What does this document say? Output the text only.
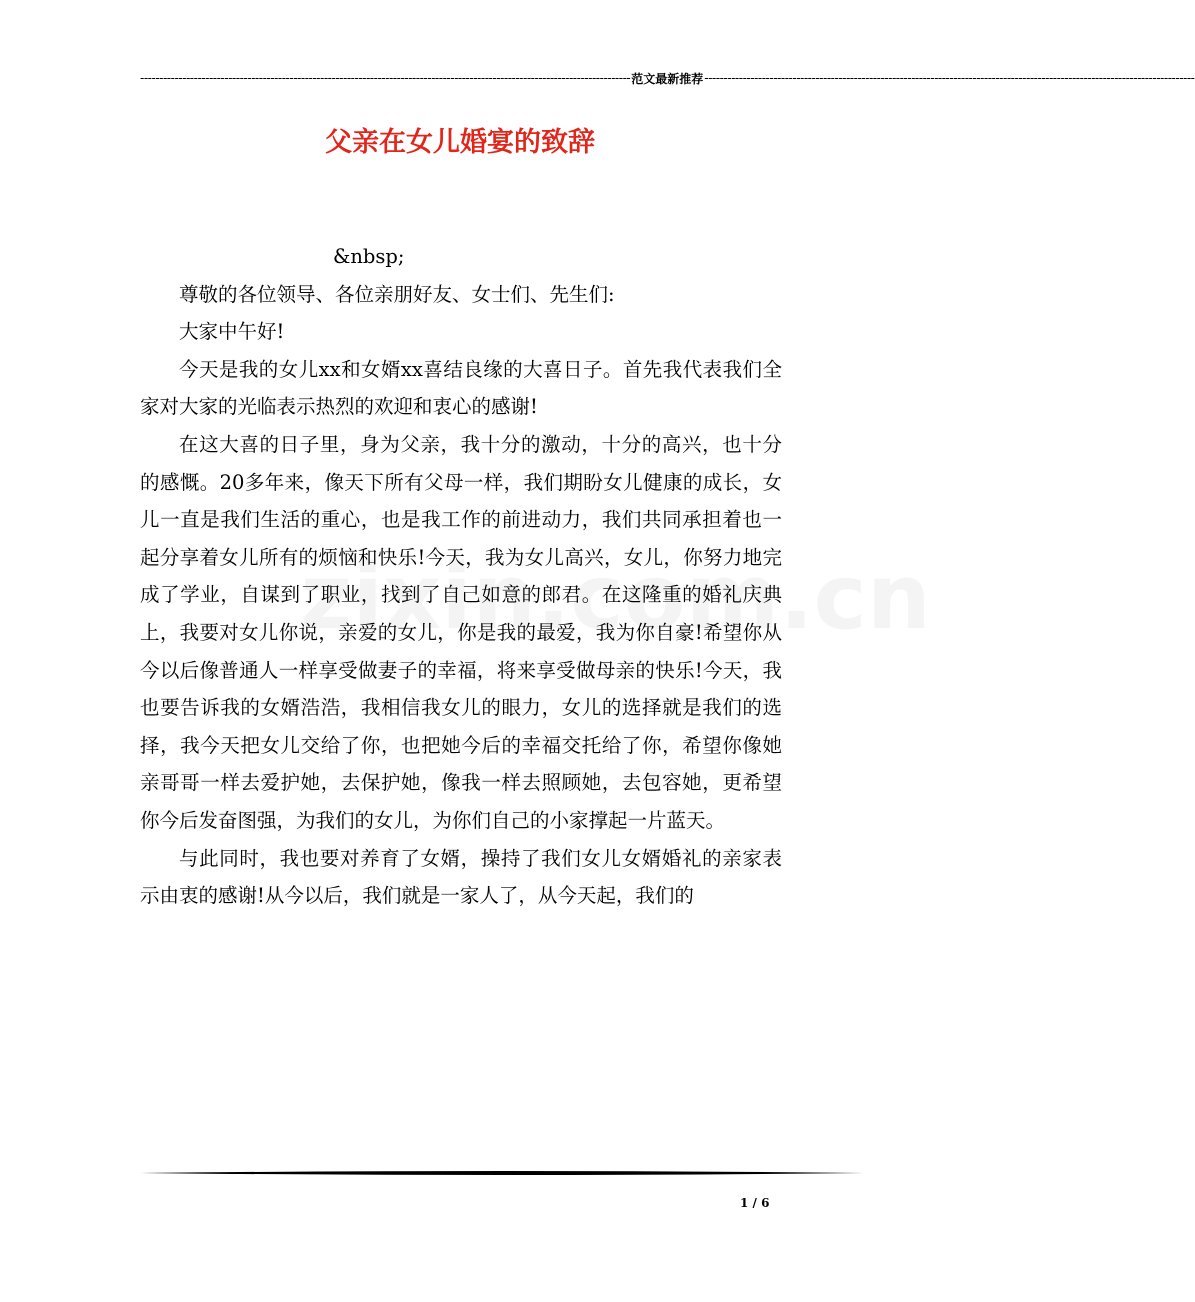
-------------------------------------------------------------------------------------------------------------------------------- 范文最新推荐 --------------------------------------------------------------------------------------------------------------------------------
父亲在女儿婚宴的致辞

&nbsp;

尊敬的各位领导、各位亲朋好友、女士们、先生们:

大家中午好!

今天是我的女儿xx和女婿xx喜结良缘的大喜日子。首先我代表我们全家对大家的光临表示热烈的欢迎和衷心的感谢!

在这大喜的日子里，身为父亲，我十分的激动，十分的高兴，也十分的感慨。20多年来，像天下所有父母一样，我们期盼女儿健康的成长，女儿一直是我们生活的重心，也是我工作的前进动力，我们共同承担着也一起分享着女儿所有的烦恼和快乐!今天，我为女儿高兴，女儿，你努力地完成了学业，自谋到了职业，找到了自己如意的郎君。在这隆重的婚礼庆典上，我要对女儿你说，亲爱的女儿，你是我的最爱，我为你自豪!希望你从今以后像普通人一样享受做妻子的幸福，将来享受做母亲的快乐!今天，我也要告诉我的女婿浩浩，我相信我女儿的眼力，女儿的选择就是我们的选择，我今天把女儿交给了你，也把她今后的幸福交托给了你，希望你像她亲哥哥一样去爱护她，去保护她，像我一样去照顾她，去包容她，更希望你今后发奋图强，为我们的女儿，为你们自己的小家撑起一片蓝天。

与此同时，我也要对养育了女婿，操持了我们女儿女婿婚礼的亲家表示由衷的感谢!从今以后，我们就是一家人了，从今天起，我们的

1 / 6
